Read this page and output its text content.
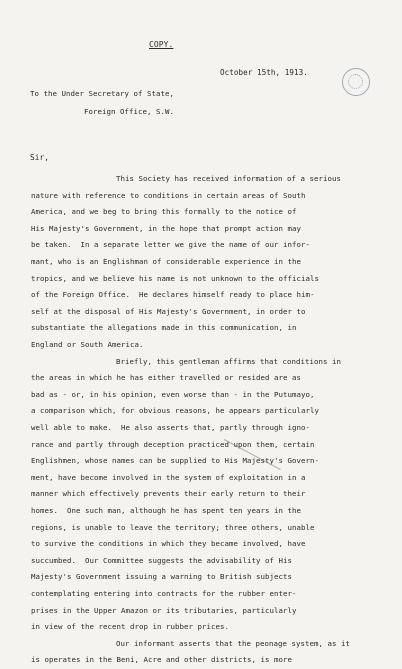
COPY.
October 15th, 1913.
To the Under Secretary of State,
Foreign Office, S.W.
Sir,
This Society has received information of a serious
nature with reference to conditions in certain areas of South
America, and we beg to bring this formally to the notice of
His Majesty's Government, in the hope that prompt action may
be taken.  In a separate letter we give the name of our infor-
mant, who is an Englishman of considerable experience in the
tropics, and we believe his name is not unknown to the officials
of the Foreign Office.  He declares himself ready to place him-
self at the disposal of His Majesty's Government, in order to
substantiate the allegations made in this communication, in
England or South America.
Briefly, this gentleman affirms that conditions in
the areas in which he has either travelled or resided are as
bad as - or, in his opinion, even worse than - in the Putumayo,
a comparison which, for obvious reasons, he appears particularly
well able to make.  He also asserts that, partly through igno-
rance and partly through deception practiced upon them, certain
Englishmen, whose names can be supplied to His Majesty's Govern-
ment, have become involved in the system of exploitation in a
manner which effectively prevents their early return to their
homes.  One such man, although he has spent ten years in the
regions, is unable to leave the territory; three others, unable
to survive the conditions in which they became involved, have
succumbed.  Our Committee suggests the advisability of His
Majesty's Government issuing a warning to British subjects
contemplating entering into contracts for the rubber enter-
prises in the Upper Amazon or its tributaries, particularly
in view of the recent drop in rubber prices.
Our informant asserts that the peonage system, as it
is operates in the Beni, Acre and other districts, is more
